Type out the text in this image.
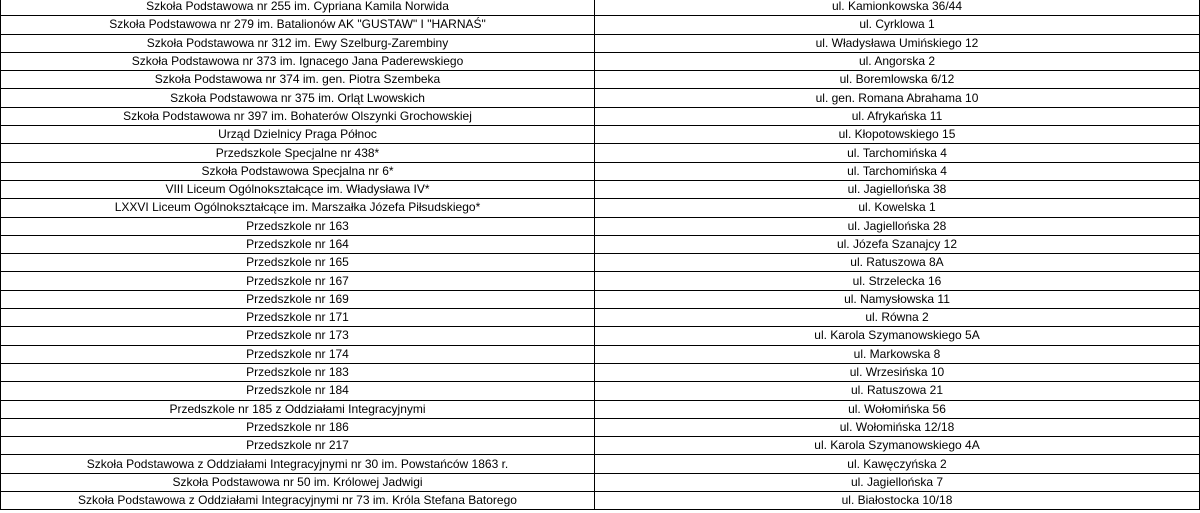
Szkoła Podstawowa nr 255 im. Cypriana Kamila Norwida	ul. Kamionkowska 36/44
Szkoła Podstawowa nr 279 im. Batalionów AK "GUSTAW" I "HARNAŚ"	ul. Cyrklowa 1
Szkoła Podstawowa nr 312 im. Ewy Szelburg-Zarembiny	ul. Władysława Umińskiego 12
Szkoła Podstawowa nr 373 im. Ignacego Jana Paderewskiego	ul. Angorska 2
Szkoła Podstawowa nr 374 im. gen. Piotra Szembeka	ul. Boremlowska 6/12
Szkoła Podstawowa nr 375 im. Orląt Lwowskich	ul. gen. Romana Abrahama 10
Szkoła Podstawowa nr 397 im. Bohaterów Olszynki Grochowskiej	ul. Afrykańska 11
Urząd Dzielnicy Praga Północ	ul. Kłopotowskiego 15
Przedszkole Specjalne nr 438*	ul. Tarchomińska 4
Szkoła Podstawowa Specjalna nr 6*	ul. Tarchomińska 4
VIII Liceum Ogólnokształcące im. Władysława IV*	ul. Jagiellońska 38
LXXVI Liceum Ogólnokształcące im. Marszałka Józefa Piłsudskiego*	ul. Kowelska 1
Przedszkole nr 163	ul. Jagiellońska 28
Przedszkole nr 164	ul. Józefa Szanajcy 12
Przedszkole nr 165	ul. Ratuszowa 8A
Przedszkole nr 167	ul. Strzelecka 16
Przedszkole nr 169	ul. Namysłowska 11
Przedszkole nr 171	ul. Równa 2
Przedszkole nr 173	ul. Karola Szymanowskiego 5A
Przedszkole nr 174	ul. Markowska 8
Przedszkole nr 183	ul. Wrzesińska 10
Przedszkole nr 184	ul. Ratuszowa 21
Przedszkole nr 185 z Oddziałami Integracyjnymi	ul. Wołomińska 56
Przedszkole nr 186	ul. Wołomińska 12/18
Przedszkole nr 217	ul. Karola Szymanowskiego 4A
Szkoła Podstawowa z Oddziałami Integracyjnymi nr 30 im. Powstańców 1863 r.	ul. Kawęczyńska 2
Szkoła Podstawowa nr 50 im. Królowej Jadwigi	ul. Jagiellońska 7
Szkoła Podstawowa z Oddziałami Integracyjnymi nr 73 im. Króla Stefana Batorego	ul. Białostocka 10/18
